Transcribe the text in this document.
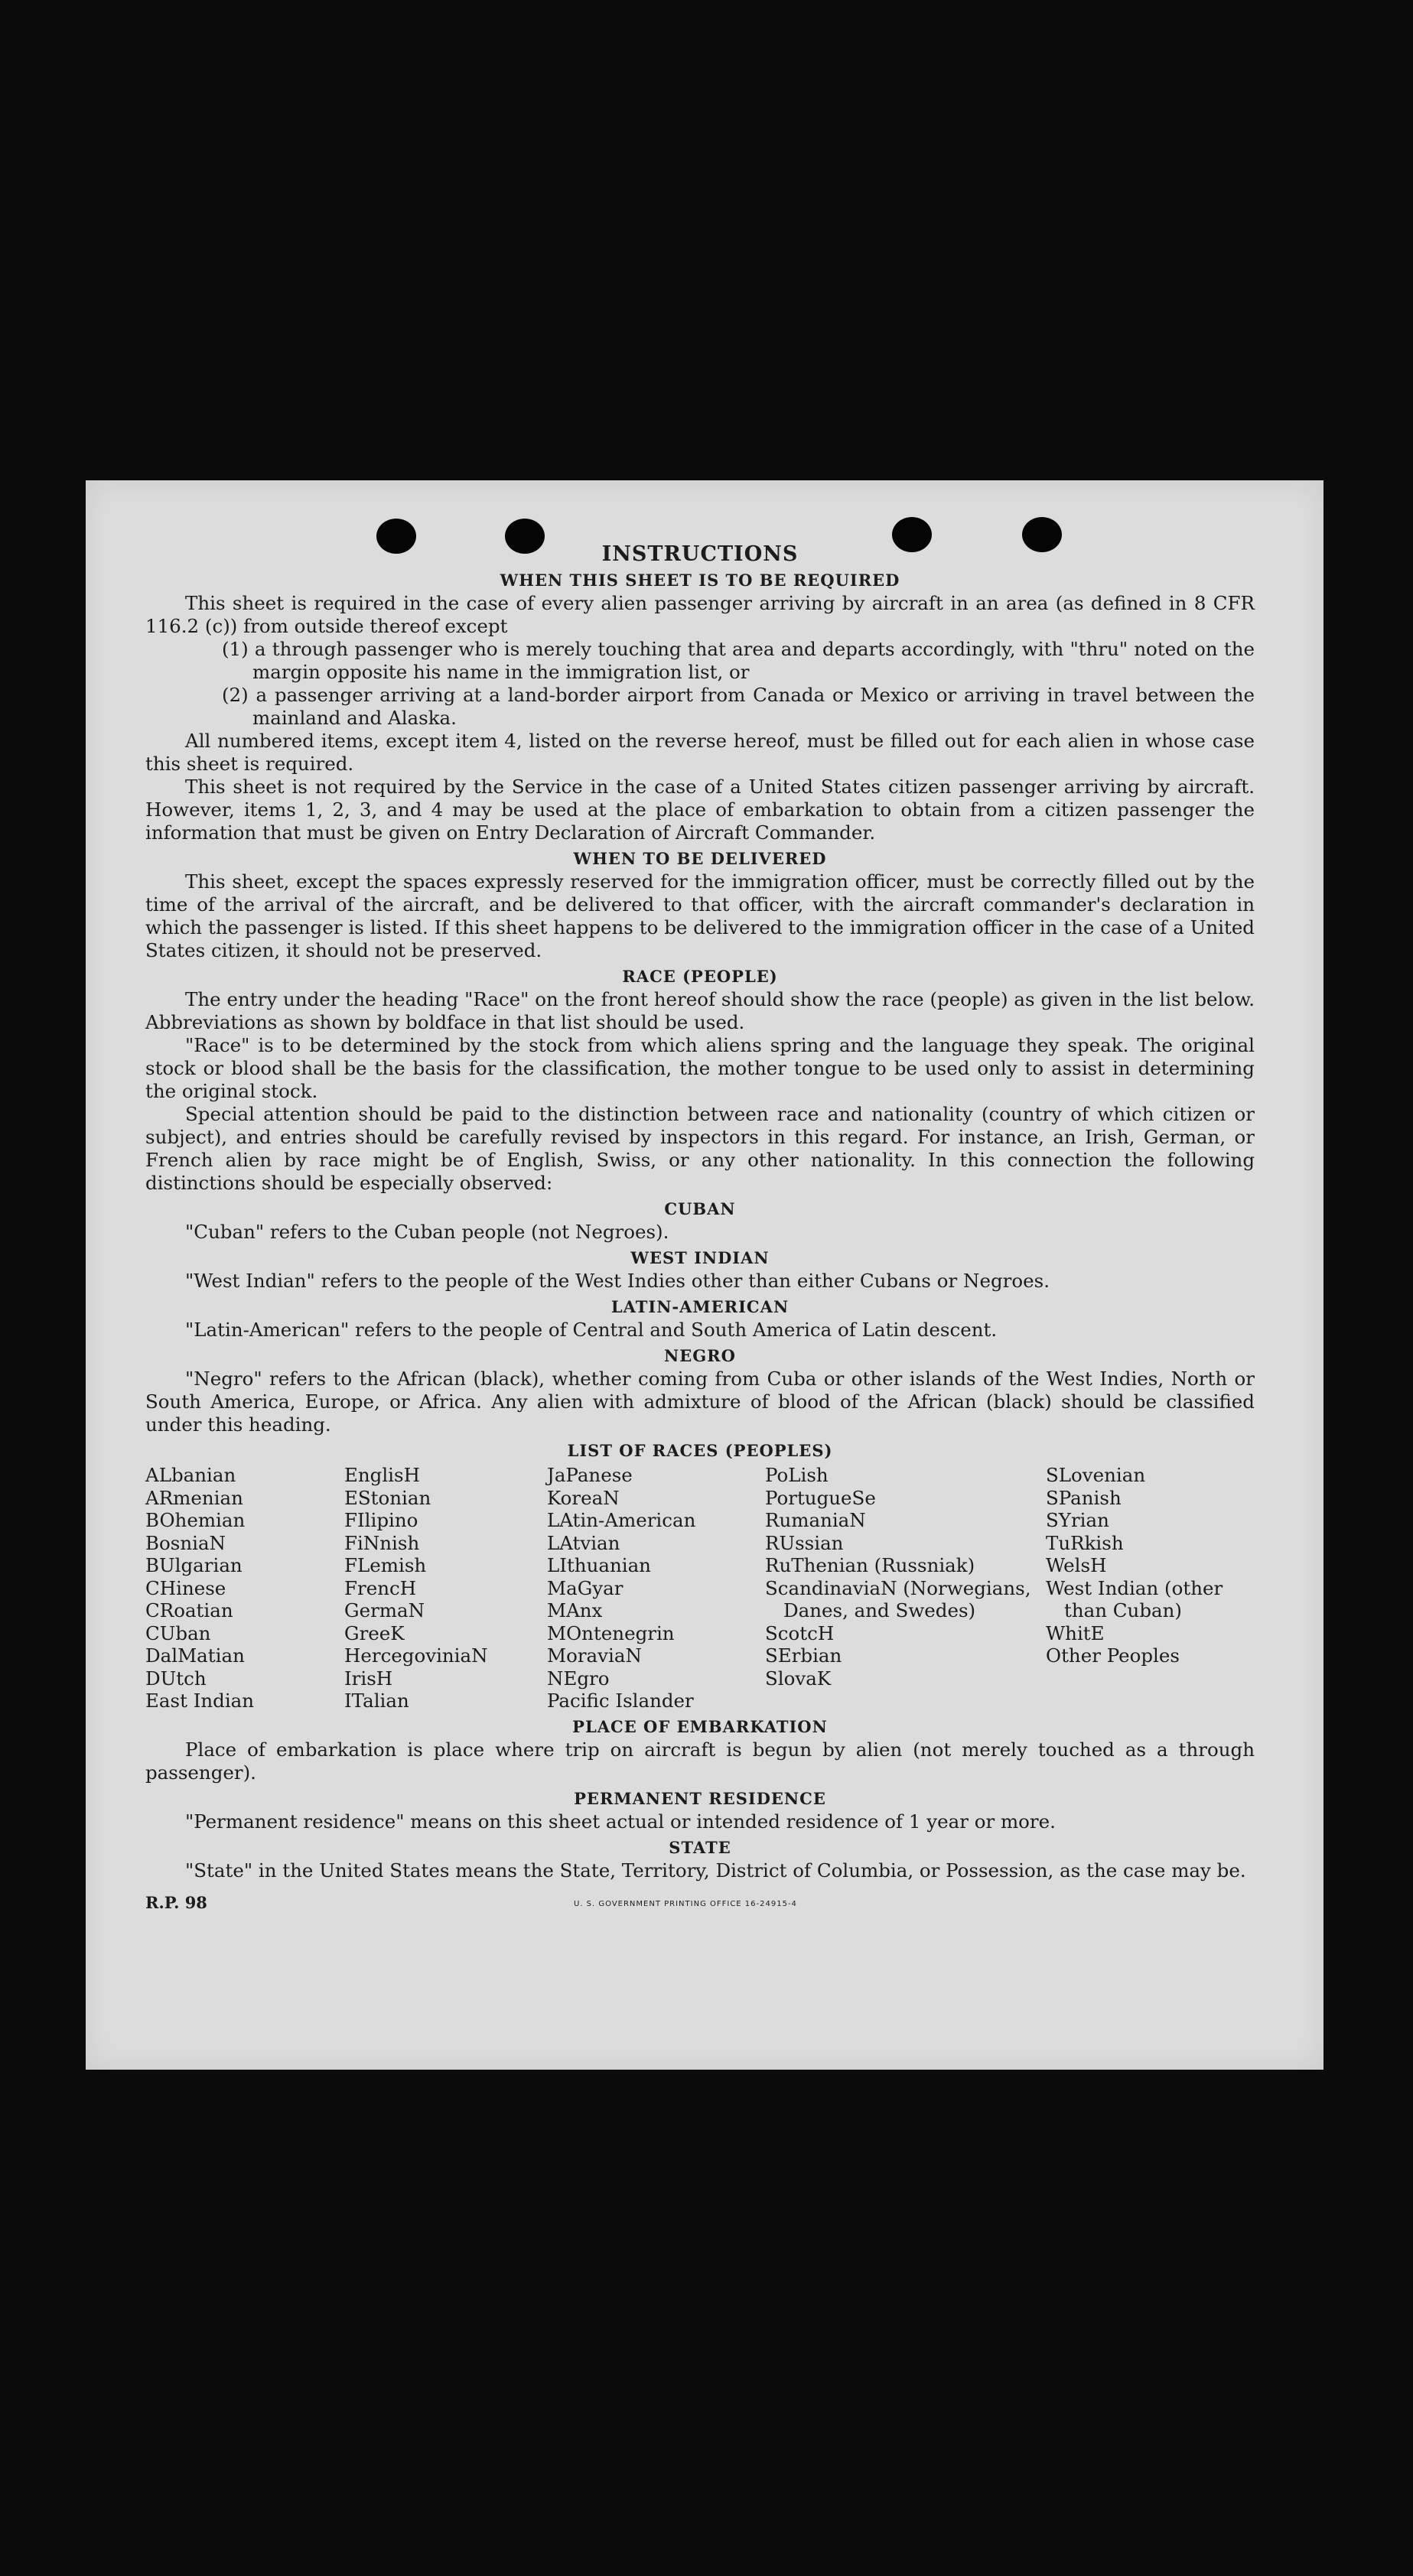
INSTRUCTIONS
WHEN THIS SHEET IS TO BE REQUIRED

This sheet is required in the case of every alien passenger arriving by aircraft in an area (as defined in 8 CFR 116.2 (c)) from outside thereof except

(1) a through passenger who is merely touching that area and departs accordingly, with "thru" noted on the margin opposite his name in the immigration list, or

(2) a passenger arriving at a land-border airport from Canada or Mexico or arriving in travel between the mainland and Alaska.

All numbered items, except item 4, listed on the reverse hereof, must be filled out for each alien in whose case this sheet is required.

This sheet is not required by the Service in the case of a United States citizen passenger arriving by aircraft. However, items 1, 2, 3, and 4 may be used at the place of embarkation to obtain from a citizen passenger the information that must be given on Entry Declaration of Aircraft Commander.

WHEN TO BE DELIVERED

This sheet, except the spaces expressly reserved for the immigration officer, must be correctly filled out by the time of the arrival of the aircraft, and be delivered to that officer, with the aircraft commander's declaration in which the passenger is listed. If this sheet happens to be delivered to the immigration officer in the case of a United States citizen, it should not be preserved.

RACE (PEOPLE)

The entry under the heading "Race" on the front hereof should show the race (people) as given in the list below. Abbreviations as shown by boldface in that list should be used.

"Race" is to be determined by the stock from which aliens spring and the language they speak. The original stock or blood shall be the basis for the classification, the mother tongue to be used only to assist in determining the original stock.

Special attention should be paid to the distinction between race and nationality (country of which citizen or subject), and entries should be carefully revised by inspectors in this regard. For instance, an Irish, German, or French alien by race might be of English, Swiss, or any other nationality. In this connection the following distinctions should be especially observed:

CUBAN

"Cuban" refers to the Cuban people (not Negroes).

WEST INDIAN

"West Indian" refers to the people of the West Indies other than either Cubans or Negroes.

LATIN-AMERICAN

"Latin-American" refers to the people of Central and South America of Latin descent.

NEGRO

"Negro" refers to the African (black), whether coming from Cuba or other islands of the West Indies, North or South America, Europe, or Africa. Any alien with admixture of blood of the African (black) should be classified under this heading.

LIST OF RACES (PEOPLES)
ALbanian
ARmenian
BOhemian
BosniaN
BUlgarian
CHinese
CRoatian
CUban
DalMatian
DUtch
East Indian
EnglisH
EStonian
FIlipino
FiNnish
FLemish
FrencH
GermaN
GreeK
HercegoviniaN
IrisH
ITalian
JaPanese
KoreaN
LAtin-American
LAtvian
LIthuanian
MaGyar
MAnx
MOntenegrin
MoraviaN
NEgro
Pacific Islander
PoLish
PortugueSe
RumaniaN
RUssian
RuThenian (Russniak)
ScandinaviaN (Norwegians, Danes, and Swedes)
ScotcH
SErbian
SlovaK
SLovenian
SPanish
SYrian
TuRkish
WelsH
West Indian (other than Cuban)
WhitE
Other Peoples
PLACE OF EMBARKATION

Place of embarkation is place where trip on aircraft is begun by alien (not merely touched as a through passenger).

PERMANENT RESIDENCE

"Permanent residence" means on this sheet actual or intended residence of 1 year or more.

STATE

"State" in the United States means the State, Territory, District of Columbia, or Possession, as the case may be.

R.P. 98	U. S. GOVERNMENT PRINTING OFFICE 16-24915-4
